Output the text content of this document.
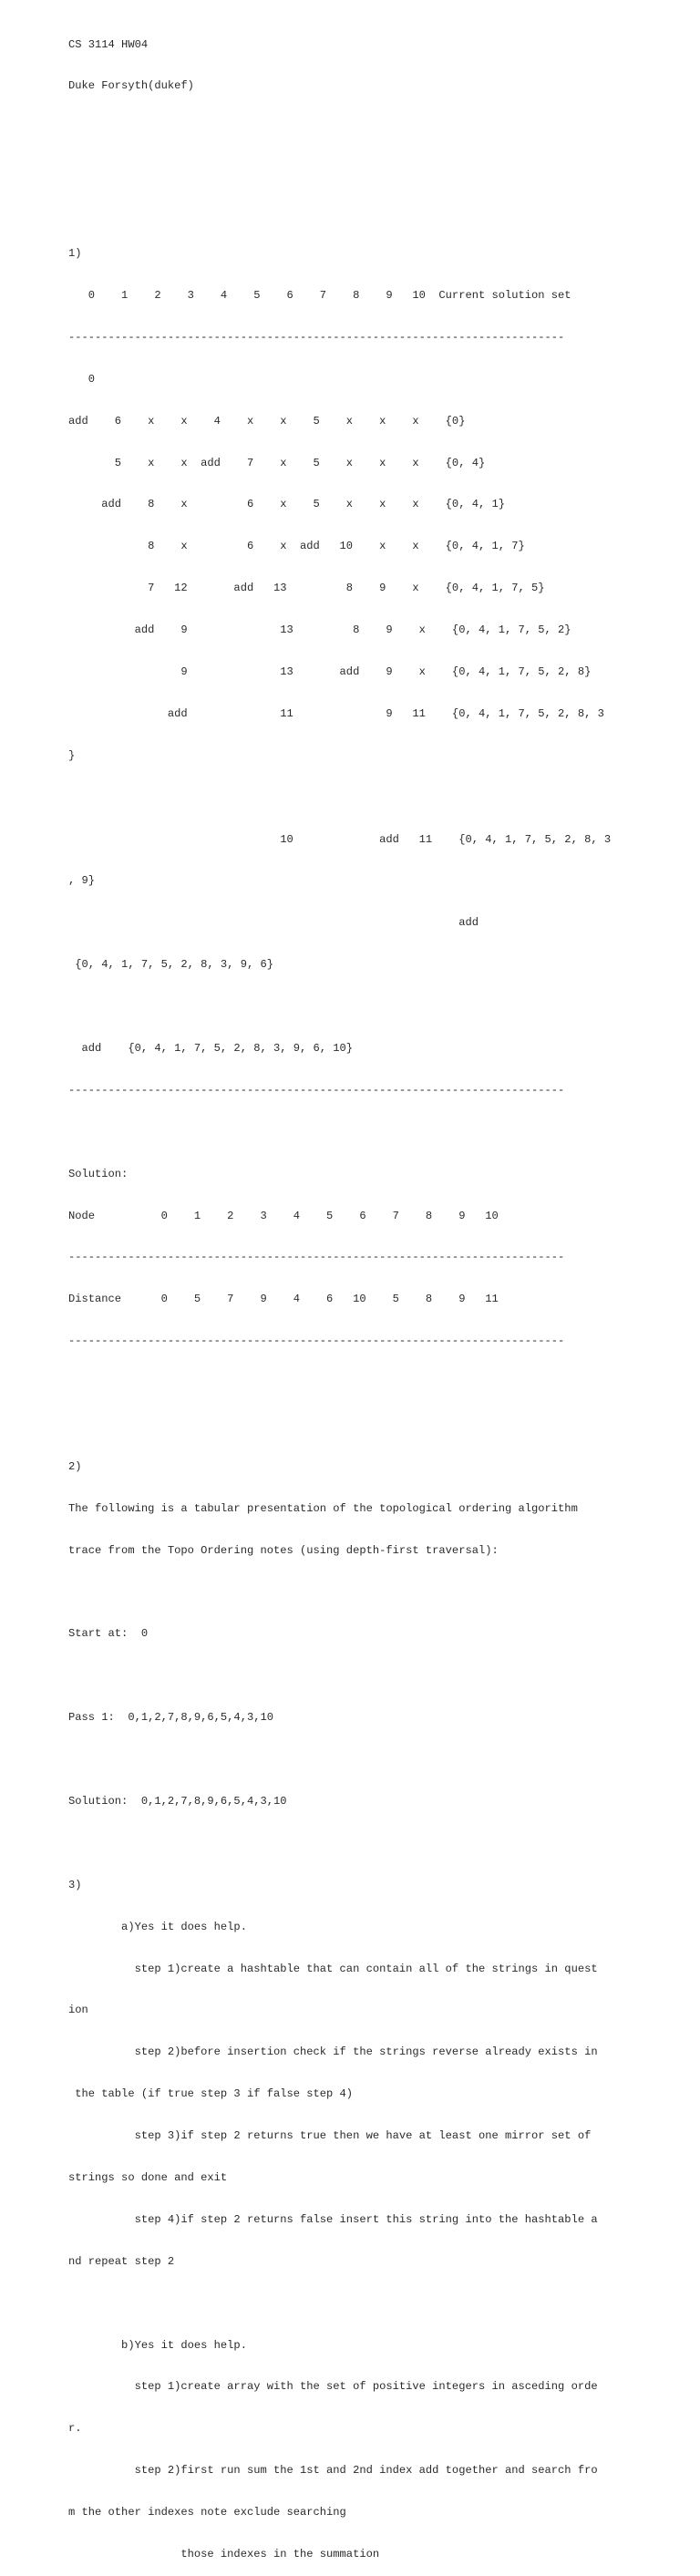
CS 3114 HW04

Duke Forsyth(dukef)

1)

0    1    2    3    4    5    6    7    8    9   10  Current solution set

---------------------------------------------------------------------------

0

add    6    x    x    4    x    x    5    x    x    x    {0}

5    x    x  add    7    x    5    x    x    x    {0, 4}

add    8    x         6    x    5    x    x    x    {0, 4, 1}

8    x         6    x  add   10    x    x    {0, 4, 1, 7}

7   12       add   13         8    9    x    {0, 4, 1, 7, 5}

add    9              13         8    9    x    {0, 4, 1, 7, 5, 2}

9              13       add    9    x    {0, 4, 1, 7, 5, 2, 8}

add              11              9   11    {0, 4, 1, 7, 5, 2, 8, 3

}

10             add   11    {0, 4, 1, 7, 5, 2, 8, 3

, 9}

add

{0, 4, 1, 7, 5, 2, 8, 3, 9, 6}

add    {0, 4, 1, 7, 5, 2, 8, 3, 9, 6, 10}

---------------------------------------------------------------------------

Solution:

Node          0    1    2    3    4    5    6    7    8    9   10

---------------------------------------------------------------------------

Distance      0    5    7    9    4    6   10    5    8    9   11

---------------------------------------------------------------------------

2)

The following is a tabular presentation of the topological ordering algorithm

trace from the Topo Ordering notes (using depth-first traversal):

Start at:  0

Pass 1:  0,1,2,7,8,9,6,5,4,3,10

Solution:  0,1,2,7,8,9,6,5,4,3,10

3)

a)Yes it does help.

step 1)create a hashtable that can contain all of the strings in quest

ion

step 2)before insertion check if the strings reverse already exists in

the table (if true step 3 if false step 4)

step 3)if step 2 returns true then we have at least one mirror set of

strings so done and exit

step 4)if step 2 returns false insert this string into the hashtable a

nd repeat step 2

b)Yes it does help.

step 1)create array with the set of positive integers in asceding orde

r.

step 2)first run sum the 1st and 2nd index add together and search fro

m the other indexes note exclude searching

those indexes in the summation
